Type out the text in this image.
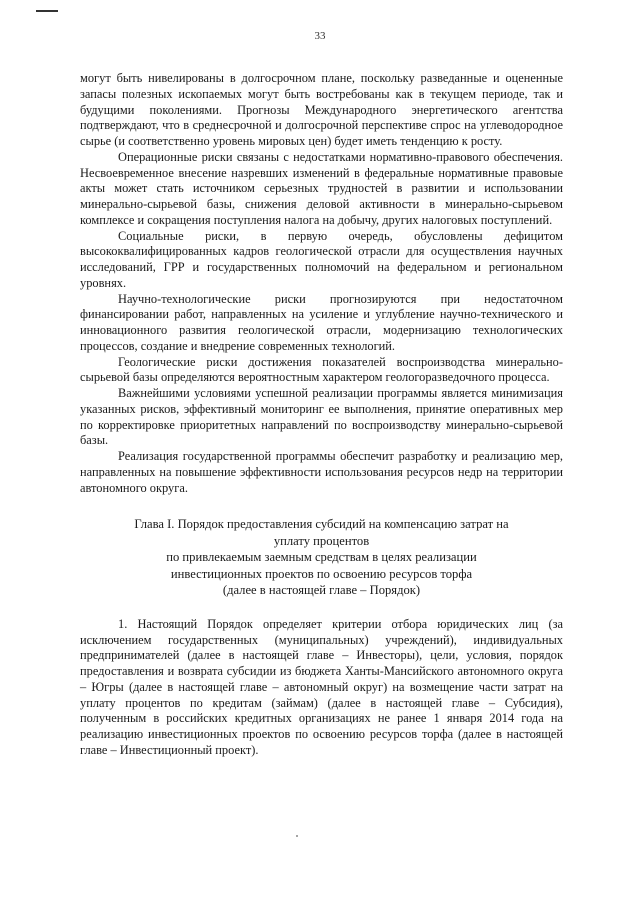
33

могут быть нивелированы в долгосрочном плане, поскольку разведанные и оцененные запасы полезных ископаемых могут быть востребованы как в текущем периоде, так и будущими поколениями. Прогнозы Международного энергетического агентства подтверждают, что в среднесрочной и долгосрочной перспективе спрос на углеводородное сырье (и соответственно уровень мировых цен) будет иметь тенденцию к росту.

Операционные риски связаны с недостатками нормативно-правового обеспечения. Несвоевременное внесение назревших изменений в федеральные нормативные правовые акты может стать источником серьезных трудностей в развитии и использовании минерально-сырьевой базы, снижения деловой активности в минерально-сырьевом комплексе и сокращения поступления налога на добычу, других налоговых поступлений.

Социальные риски, в первую очередь, обусловлены дефицитом высококвалифицированных кадров геологической отрасли для осуществления научных исследований, ГРР и государственных полномочий на федеральном и региональном уровнях.

Научно-технологические риски прогнозируются при недостаточном финансировании работ, направленных на усиление и углубление научно-технического и инновационного развития геологической отрасли, модернизацию технологических процессов, создание и внедрение современных технологий.

Геологические риски достижения показателей воспроизводства минерально-сырьевой базы определяются вероятностным характером геологоразведочного процесса.

Важнейшими условиями успешной реализации программы является минимизация указанных рисков, эффективный мониторинг ее выполнения, принятие оперативных мер по корректировке приоритетных направлений по воспроизводству минерально-сырьевой базы.

Реализация государственной программы обеспечит разработку и реализацию мер, направленных на повышение эффективности использования ресурсов недр на территории автономного округа.

Глава I. Порядок предоставления субсидий на компенсацию затрат на
уплату процентов
по привлекаемым заемным средствам в целях реализации
инвестиционных проектов по освоению ресурсов торфа
(далее в настоящей главе – Порядок)

1. Настоящий Порядок определяет критерии отбора юридических лиц (за исключением государственных (муниципальных) учреждений), индивидуальных предпринимателей (далее в настоящей главе – Инвесторы), цели, условия, порядок предоставления и возврата субсидии из бюджета Ханты-Мансийского автономного округа – Югры (далее в настоящей главе – автономный округ) на возмещение части затрат на уплату процентов по кредитам (займам) (далее в настоящей главе – Субсидия), полученным в российских кредитных организациях не ранее 1 января 2014 года на реализацию инвестиционных проектов по освоению ресурсов торфа (далее в настоящей главе – Инвестиционный проект).
